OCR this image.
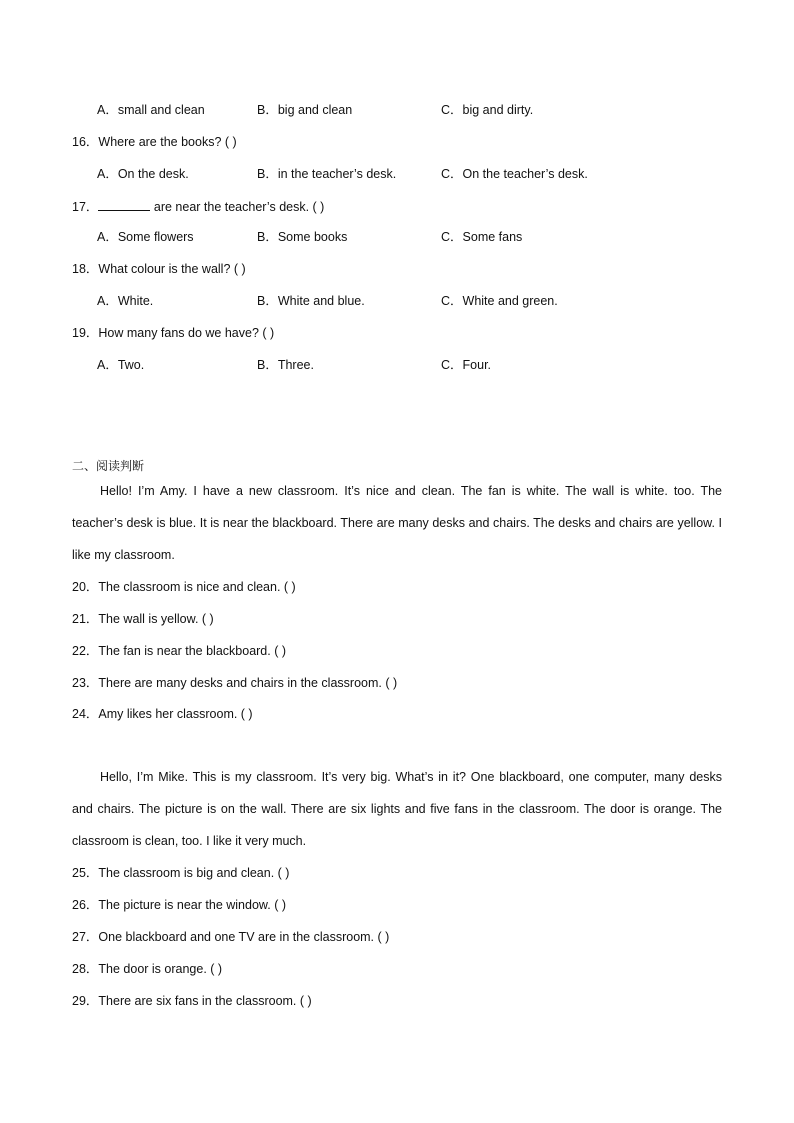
A．small and clean	B．big and clean	C．big and dirty.
16．Where are the books? ( )
A．On the desk.	B．in the teacher’s desk.	C．On the teacher’s desk.
17．	are near the teacher’s desk. ( )
A．Some flowers	B．Some books	C．Some fans
18．What colour is the wall? ( )
A．White.	B．White and blue.	C．White and green.
19．How many fans do we have? ( )
A．Two.	B．Three.	C．Four.
二、阅读判断
Hello! I’m Amy. I have a new classroom. It’s nice and clean. The fan is white. The wall is white. too. The teacher’s desk is blue. It is near the blackboard. There are many desks and chairs. The desks and chairs are yellow. I like my classroom.
20．The classroom is nice and clean. ( )
21．The wall is yellow. ( )
22．The fan is near the blackboard. ( )
23．There are many desks and chairs in the classroom. ( )
24．Amy likes her classroom. ( )
Hello, I’m Mike. This is my classroom. It’s very big. What’s in it? One blackboard, one computer, many desks and chairs. The picture is on the wall. There are six lights and five fans in the classroom. The door is orange. The classroom is clean, too. I like it very much.
25．The classroom is big and clean. ( )
26．The picture is near the window. ( )
27．One blackboard and one TV are in the classroom. ( )
28．The door is orange. ( )
29．There are six fans in the classroom. ( )
